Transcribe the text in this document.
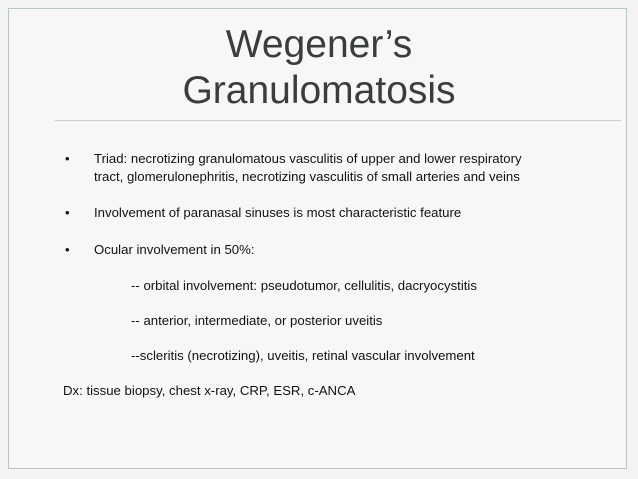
Wegener’s
Granulomatosis
• Triad: necrotizing granulomatous vasculitis of upper and lower respiratory
tract, glomerulonephritis, necrotizing vasculitis of small arteries and veins
• Involvement of paranasal sinuses is most characteristic feature
• Ocular involvement in 50%:
-- orbital involvement: pseudotumor, cellulitis, dacryocystitis
-- anterior, intermediate, or posterior uveitis
--scleritis (necrotizing), uveitis, retinal vascular involvement
Dx: tissue biopsy, chest x-ray, CRP, ESR, c-ANCA
